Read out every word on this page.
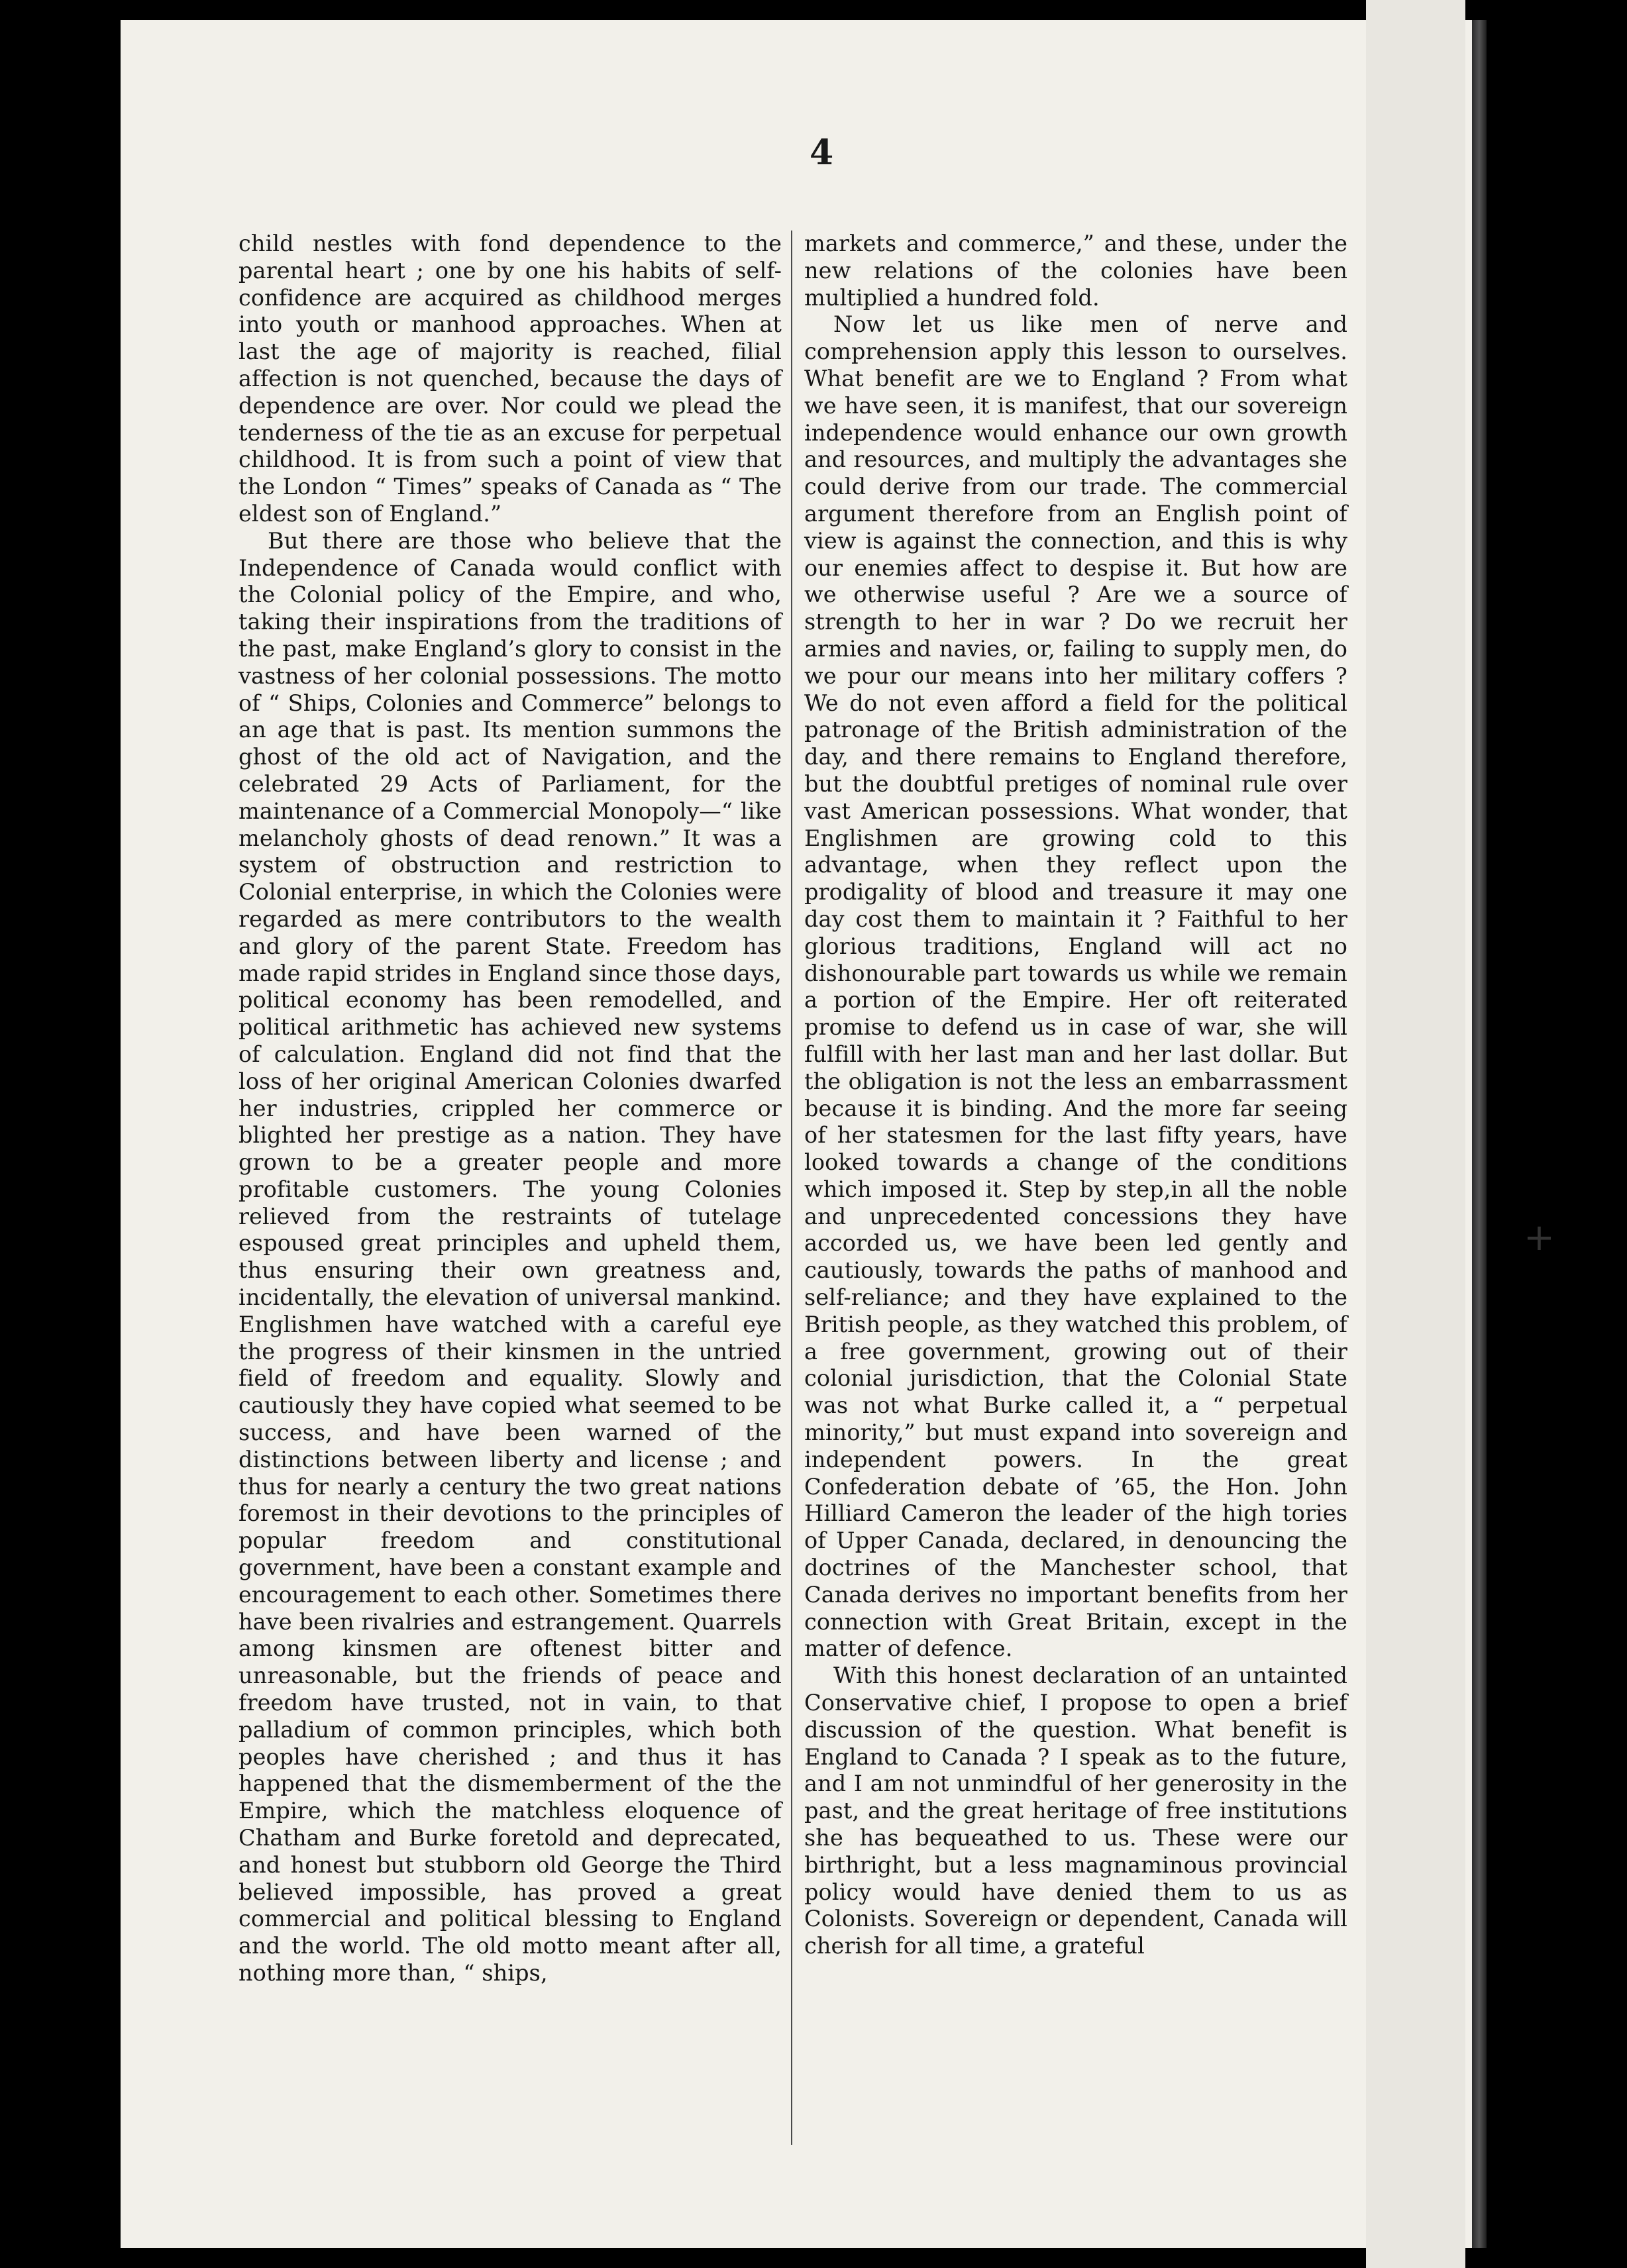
4

child nestles with fond dependence to the parental heart ; one by one his habits of self-confidence are acquired as childhood merges into youth or manhood approaches. When at last the age of majority is reached, filial affection is not quenched, because the days of dependence are over. Nor could we plead the tenderness of the tie as an excuse for perpetual childhood. It is from such a point of view that the London “ Times” speaks of Canada as “ The eldest son of England.”

But there are those who believe that the Independence of Canada would conflict with the Colonial policy of the Empire, and who, taking their inspirations from the traditions of the past, make England’s glory to consist in the vastness of her colonial possessions. The motto of “ Ships, Colonies and Commerce” belongs to an age that is past. Its mention summons the ghost of the old act of Navigation, and the celebrated 29 Acts of Parliament, for the maintenance of a Commercial Monopoly—“ like melancholy ghosts of dead renown.” It was a system of obstruction and restriction to Colonial enterprise, in which the Colonies were regarded as mere contributors to the wealth and glory of the parent State. Freedom has made rapid strides in England since those days, political economy has been remodelled, and political arithmetic has achieved new systems of calculation. England did not find that the loss of her original American Colonies dwarfed her industries, crippled her commerce or blighted her prestige as a nation. They have grown to be a greater people and more profitable customers. The young Colonies relieved from the restraints of tutelage espoused great principles and upheld them, thus ensuring their own greatness and, incidentally, the elevation of universal mankind. Englishmen have watched with a careful eye the progress of their kinsmen in the untried field of freedom and equality. Slowly and cautiously they have copied what seemed to be success, and have been warned of the distinctions between liberty and license ; and thus for nearly a century the two great nations foremost in their devotions to the principles of popular freedom and constitutional government, have been a constant example and encouragement to each other. Sometimes there have been rivalries and estrangement. Quarrels among kinsmen are oftenest bitter and unreasonable, but the friends of peace and freedom have trusted, not in vain, to that palladium of common principles, which both peoples have cherished ; and thus it has happened that the dismemberment of the the Empire, which the matchless eloquence of Chatham and Burke foretold and deprecated, and honest but stubborn old George the Third believed impossible, has proved a great commercial and political blessing to England and the world. The old motto meant after all, nothing more than, “ ships,

markets and commerce,” and these, under the new relations of the colonies have been multiplied a hundred fold.

Now let us like men of nerve and comprehension apply this lesson to ourselves. What benefit are we to England ? From what we have seen, it is manifest, that our sovereign independence would enhance our own growth and resources, and multiply the advantages she could derive from our trade. The commercial argument therefore from an English point of view is against the connection, and this is why our enemies affect to despise it. But how are we otherwise useful ? Are we a source of strength to her in war ? Do we recruit her armies and navies, or, failing to supply men, do we pour our means into her military coffers ? We do not even afford a field for the political patronage of the British administration of the day, and there remains to England therefore, but the doubtful pretiges of nominal rule over vast American possessions. What wonder, that Englishmen are growing cold to this advantage, when they reflect upon the prodigality of blood and treasure it may one day cost them to maintain it ? Faithful to her glorious traditions, England will act no dishonourable part towards us while we remain a portion of the Empire. Her oft reiterated promise to defend us in case of war, she will fulfill with her last man and her last dollar. But the obligation is not the less an embarrassment because it is binding. And the more far seeing of her statesmen for the last fifty years, have looked towards a change of the conditions which imposed it. Step by step,in all the noble and unprecedented concessions they have accorded us, we have been led gently and cautiously, towards the paths of manhood and self-reliance; and they have explained to the British people, as they watched this problem, of a free government, growing out of their colonial jurisdiction, that the Colonial State was not what Burke called it, a “ perpetual minority,” but must expand into sovereign and independent powers. In the great Confederation debate of ’65, the Hon. John Hilliard Cameron the leader of the high tories of Upper Canada, declared, in denouncing the doctrines of the Manchester school, that Canada derives no important benefits from her connection with Great Britain, except in the matter of defence.

With this honest declaration of an untainted Conservative chief, I propose to open a brief discussion of the question. What benefit is England to Canada ? I speak as to the future, and I am not unmindful of her generosity in the past, and the great heritage of free institutions she has bequeathed to us. These were our birthright, but a less magnaminous provincial policy would have denied them to us as Colonists. Sovereign or dependent, Canada will cherish for all time, a grateful

+
